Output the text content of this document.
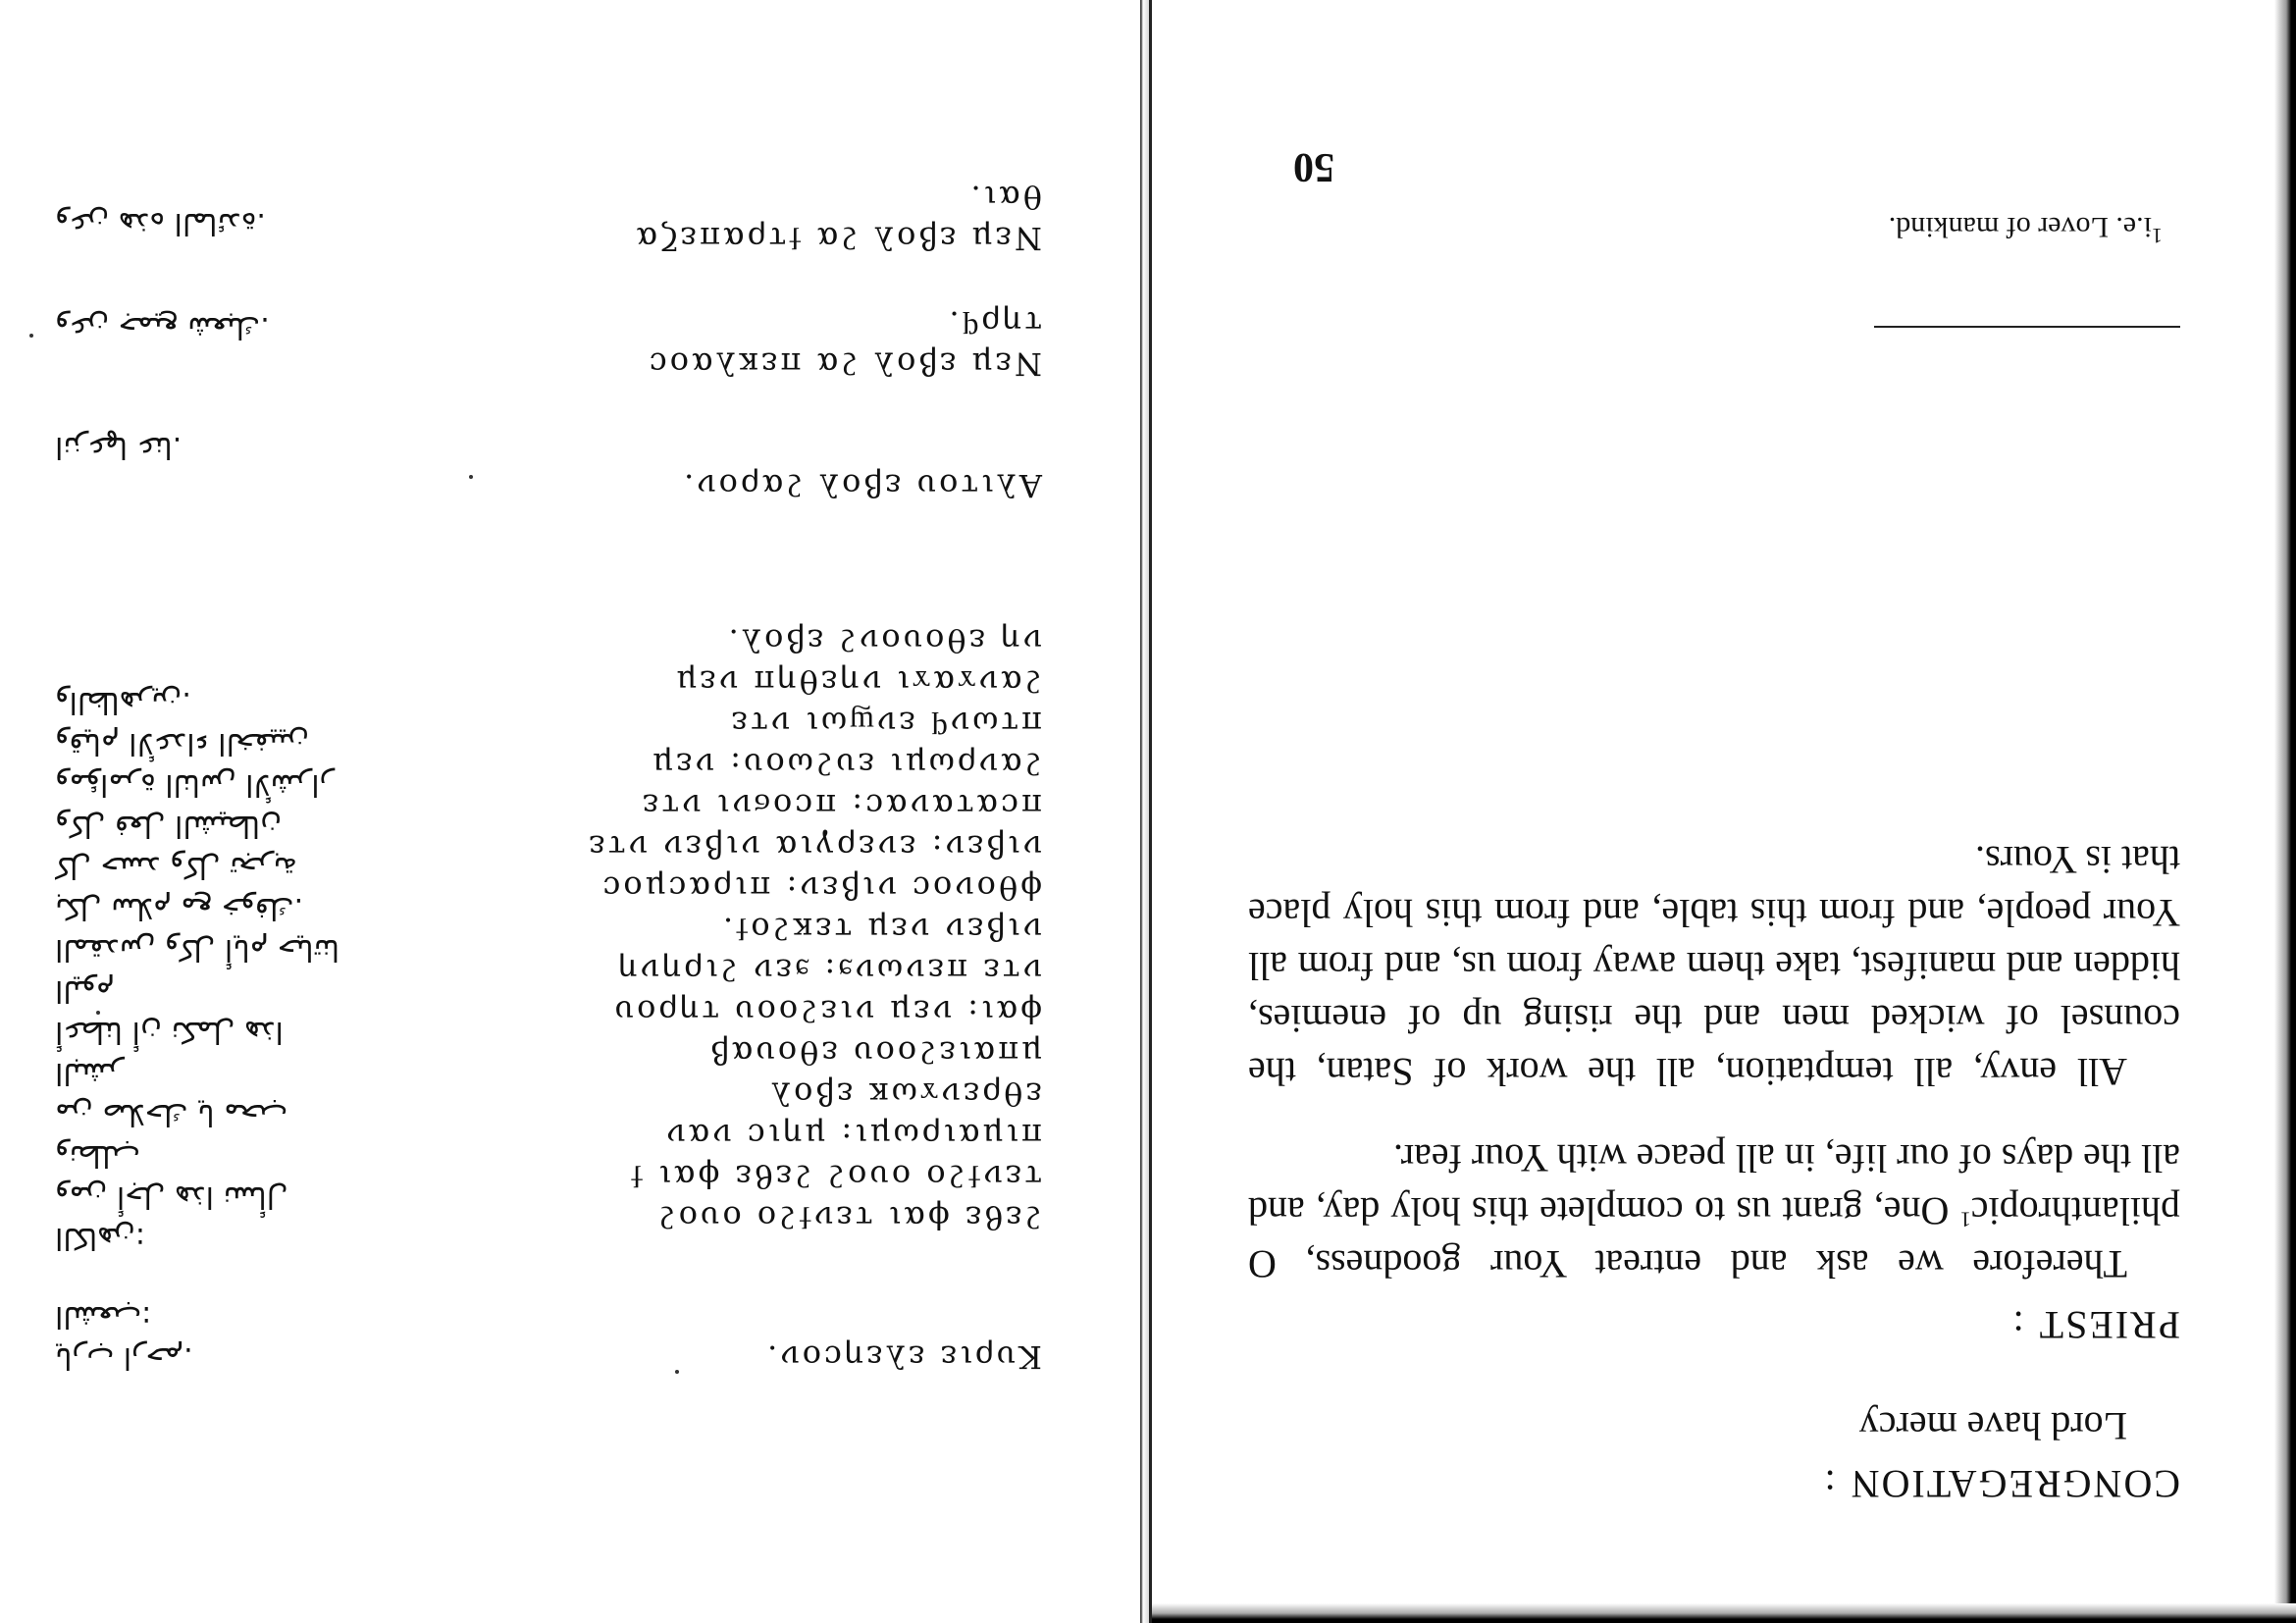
CONGREGATION:
Lord have mercy
PRIEST:

Therefore we ask and entreat Your goodness, O philanthropic$^1$ One, grant us to complete this holy day, and all the days of our life, in all peace with Your fear.

All envy, all temptation, all the work of Satan, the counsel of wicked men and the rising up of enemies, hidden and manifest, take them away from us, and from all Your people, and from this table, and from this holy place that is Yours.

$^1$i.e. Lover of mankind.
50
Κυριε ελεηcον.
ϩεϐε ϕαι τενϯϩο ουοϩ
τενϯϩο ουοϩ ϩεϐε ϕαι ϯ
πιμαιρωμι: μηιc ναν
εθρενϫωκ εβολ
μπαιεϩοου εθουαβ
ϕαι: νεμ νιεϩοου τηρου
ντε πενωνϧ: ϧεν ϩιρηνη
νιβεν νεμ τεκϩοϯ.
ϕθονοc νιβεν: πιραcμοc
νιβεν: ενεργια νιβεν ντε
πcαταναc: πcοϭνι ντε
ϩανρωμι ευϩωου: νεμ
πτωνϥ ενϣωι ντε
ϩανϫαϫι νηεθηπ νεμ
νη εθουονϩ εβολ.
Αλιτου εβολ ϩαρον.
Νεμ εβολ ϩα πεκλαοc
τηρϥ.
Νεμ εβολ ϩα ϯτραπεζα
θαι.
يارب ارحم.
الشعب:
الكاهن:
ومن أجل هذا نسأل ونطلب
من صلاحك يا محب البشر
أعطنا أن نكمل هذا اليوم
المقدس وكل أيام حياتنا
بكل سلام مع خوفك.
كل حسد وكل تجربة
وكل فعل الشيطان
ومؤامرة الناس الأشرار
وقيام الأعداء الخفيين
والظاهرين.
انزعها عنا.
وعن جميع شعبك.
وعن هذه المائدة.
